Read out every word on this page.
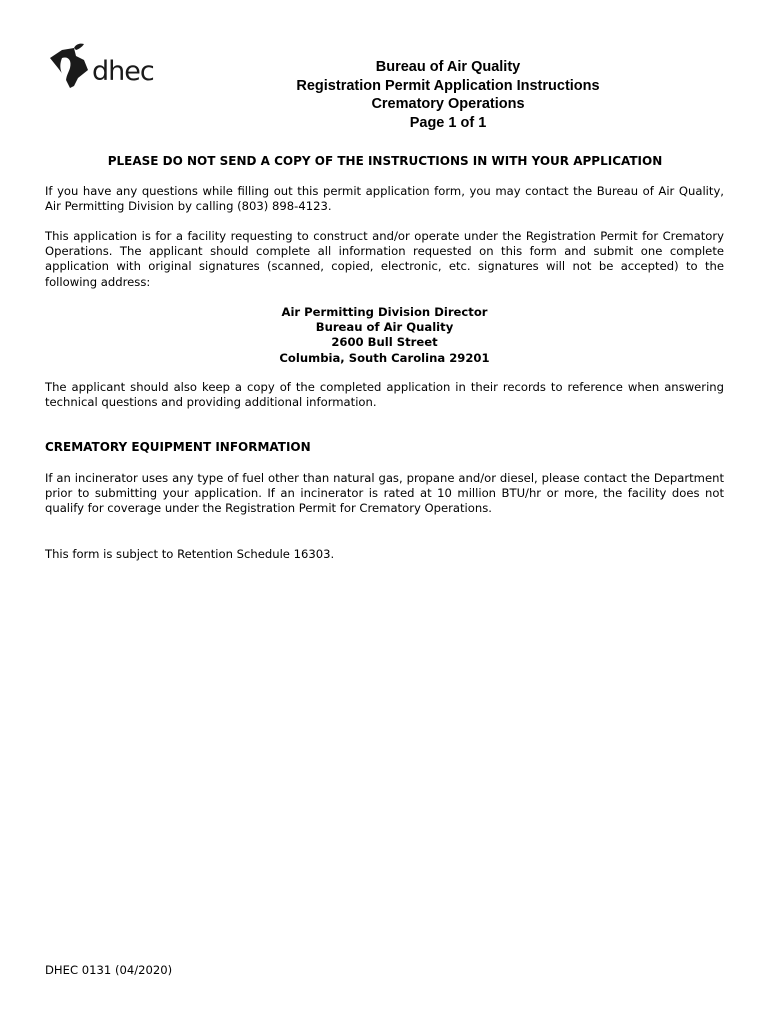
dhec	Bureau of Air Quality
Registration Permit Application Instructions
Crematory Operations
Page 1 of 1
PLEASE DO NOT SEND A COPY OF THE INSTRUCTIONS IN WITH YOUR APPLICATION
If you have any questions while filling out this permit application form, you may contact the Bureau of Air Quality, Air Permitting Division by calling (803) 898-4123.
This application is for a facility requesting to construct and/or operate under the Registration Permit for Crematory Operations. The applicant should complete all information requested on this form and submit one complete application with original signatures (scanned, copied, electronic, etc. signatures will not be accepted) to the following address:
Air Permitting Division Director
Bureau of Air Quality
2600 Bull Street
Columbia, South Carolina 29201
The applicant should also keep a copy of the completed application in their records to reference when answering technical questions and providing additional information.
CREMATORY EQUIPMENT INFORMATION
If an incinerator uses any type of fuel other than natural gas, propane and/or diesel, please contact the Department prior to submitting your application. If an incinerator is rated at 10 million BTU/hr or more, the facility does not qualify for coverage under the Registration Permit for Crematory Operations.
This form is subject to Retention Schedule 16303.
DHEC 0131 (04/2020)
